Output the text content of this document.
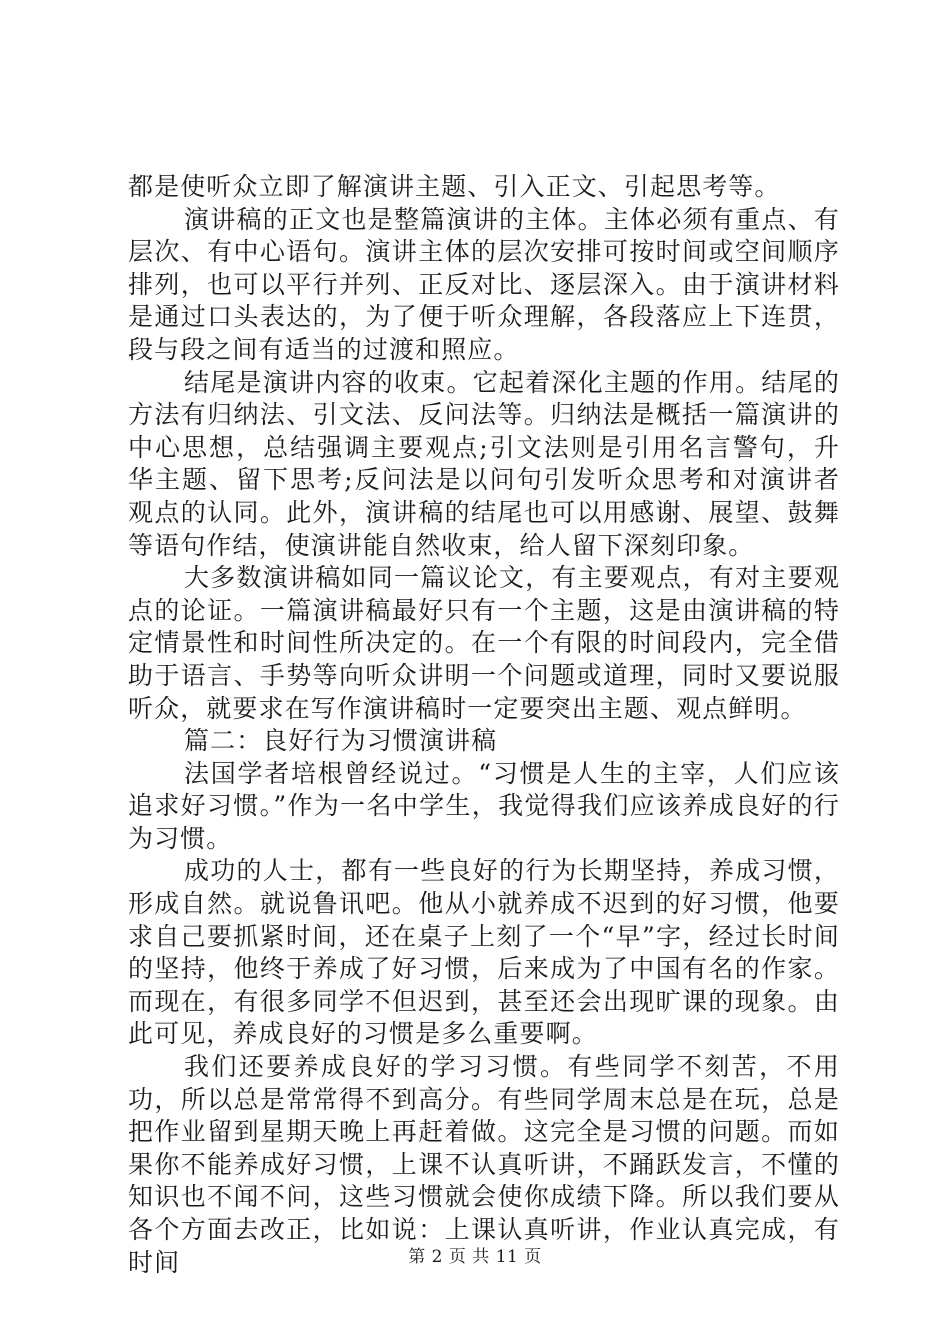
都是使听众立即了解演讲主题、引入正文、引起思考等。

演讲稿的正文也是整篇演讲的主体。主体必须有重点、有层次、有中心语句。演讲主体的层次安排可按时间或空间顺序排列，也可以平行并列、正反对比、逐层深入。由于演讲材料是通过口头表达的，为了便于听众理解，各段落应上下连贯，段与段之间有适当的过渡和照应。

结尾是演讲内容的收束。它起着深化主题的作用。结尾的方法有归纳法、引文法、反问法等。归纳法是概括一篇演讲的中心思想，总结强调主要观点;引文法则是引用名言警句，升华主题、留下思考;反问法是以问句引发听众思考和对演讲者观点的认同。此外，演讲稿的结尾也可以用感谢、展望、鼓舞等语句作结，使演讲能自然收束，给人留下深刻印象。

大多数演讲稿如同一篇议论文，有主要观点，有对主要观点的论证。一篇演讲稿最好只有一个主题，这是由演讲稿的特定情景性和时间性所决定的。在一个有限的时间段内，完全借助于语言、手势等向听众讲明一个问题或道理，同时又要说服听众，就要求在写作演讲稿时一定要突出主题、观点鲜明。

篇二：良好行为习惯演讲稿

法国学者培根曾经说过。“习惯是人生的主宰，人们应该追求好习惯。”作为一名中学生，我觉得我们应该养成良好的行为习惯。

成功的人士，都有一些良好的行为长期坚持，养成习惯，形成自然。就说鲁讯吧。他从小就养成不迟到的好习惯，他要求自己要抓紧时间，还在桌子上刻了一个“早”字，经过长时间的坚持，他终于养成了好习惯，后来成为了中国有名的作家。而现在，有很多同学不但迟到，甚至还会出现旷课的现象。由此可见，养成良好的习惯是多么重要啊。

我们还要养成良好的学习习惯。有些同学不刻苦，不用功，所以总是常常得不到高分。有些同学周末总是在玩，总是把作业留到星期天晚上再赶着做。这完全是习惯的问题。而如果你不能养成好习惯，上课不认真听讲，不踊跃发言，不懂的知识也不闻不问，这些习惯就会使你成绩下降。所以我们要从各个方面去改正，比如说：上课认真听讲，作业认真完成，有时间	第 2 页 共 11 页
